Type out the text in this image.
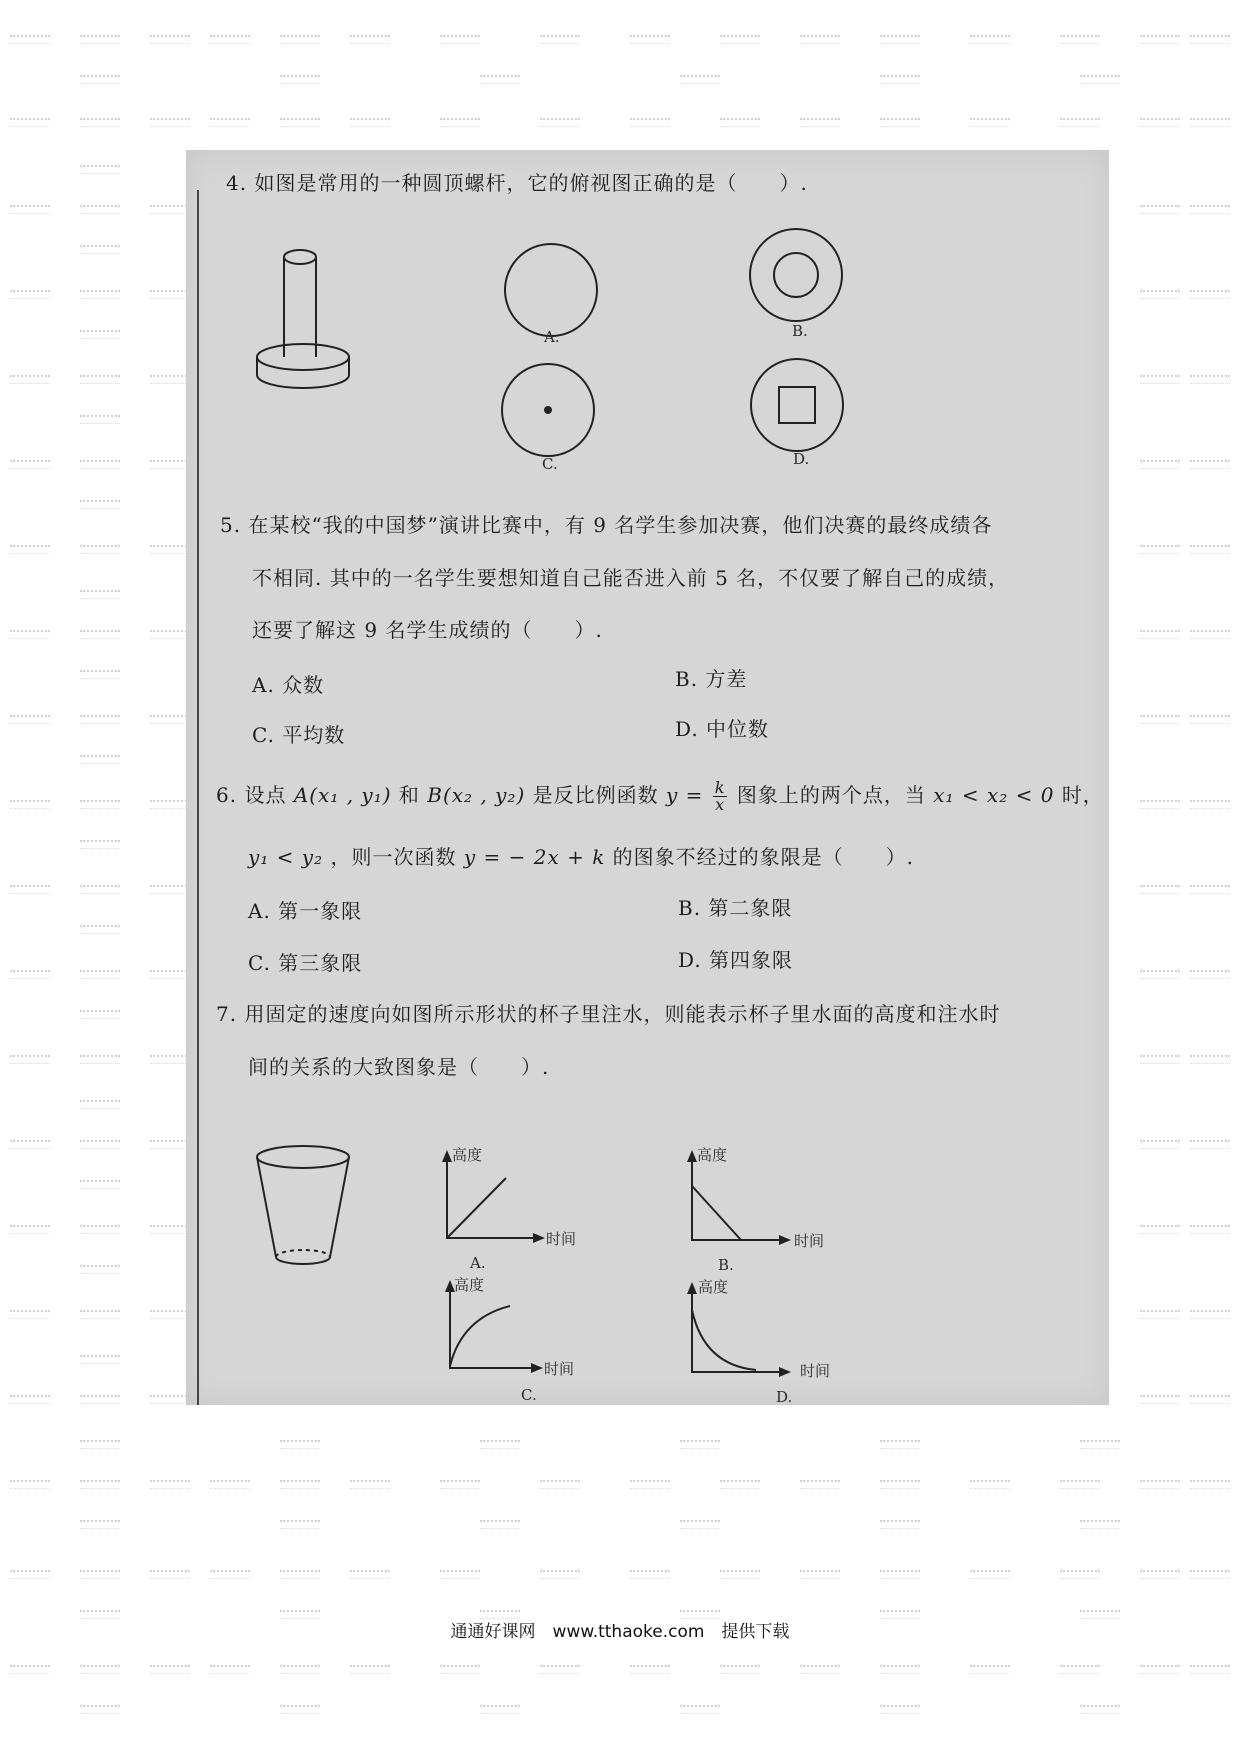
4. 如图是常用的一种圆顶螺杆，它的俯视图正确的是（　　）.
A.	B.
C.	D.
5. 在某校“我的中国梦”演讲比赛中，有 9 名学生参加决赛，他们决赛的最终成绩各
不相同. 其中的一名学生要想知道自己能否进入前 5 名，不仅要了解自己的成绩，
还要了解这 9 名学生成绩的（　　）.
A. 众数	B. 方差
C. 平均数	D. 中位数
6. 设点 A(x₁ , y₁) 和 B(x₂ , y₂) 是反比例函数 $y = \frac{k}{x}$ 图象上的两个点，当 x₁ < x₂ < 0 时，
y₁ < y₂ ，则一次函数 y = − 2x + k 的图象不经过的象限是（　　）.
A. 第一象限	B. 第二象限
C. 第三象限	D. 第四象限
7. 用固定的速度向如图所示形状的杯子里注水，则能表示杯子里水面的高度和注水时
间的关系的大致图象是（　　）.
高度
时间
A.
高度
时间
B.
高度
时间
C.
高度
时间
D.
通通好课网　www.tthaoke.com　提供下载
